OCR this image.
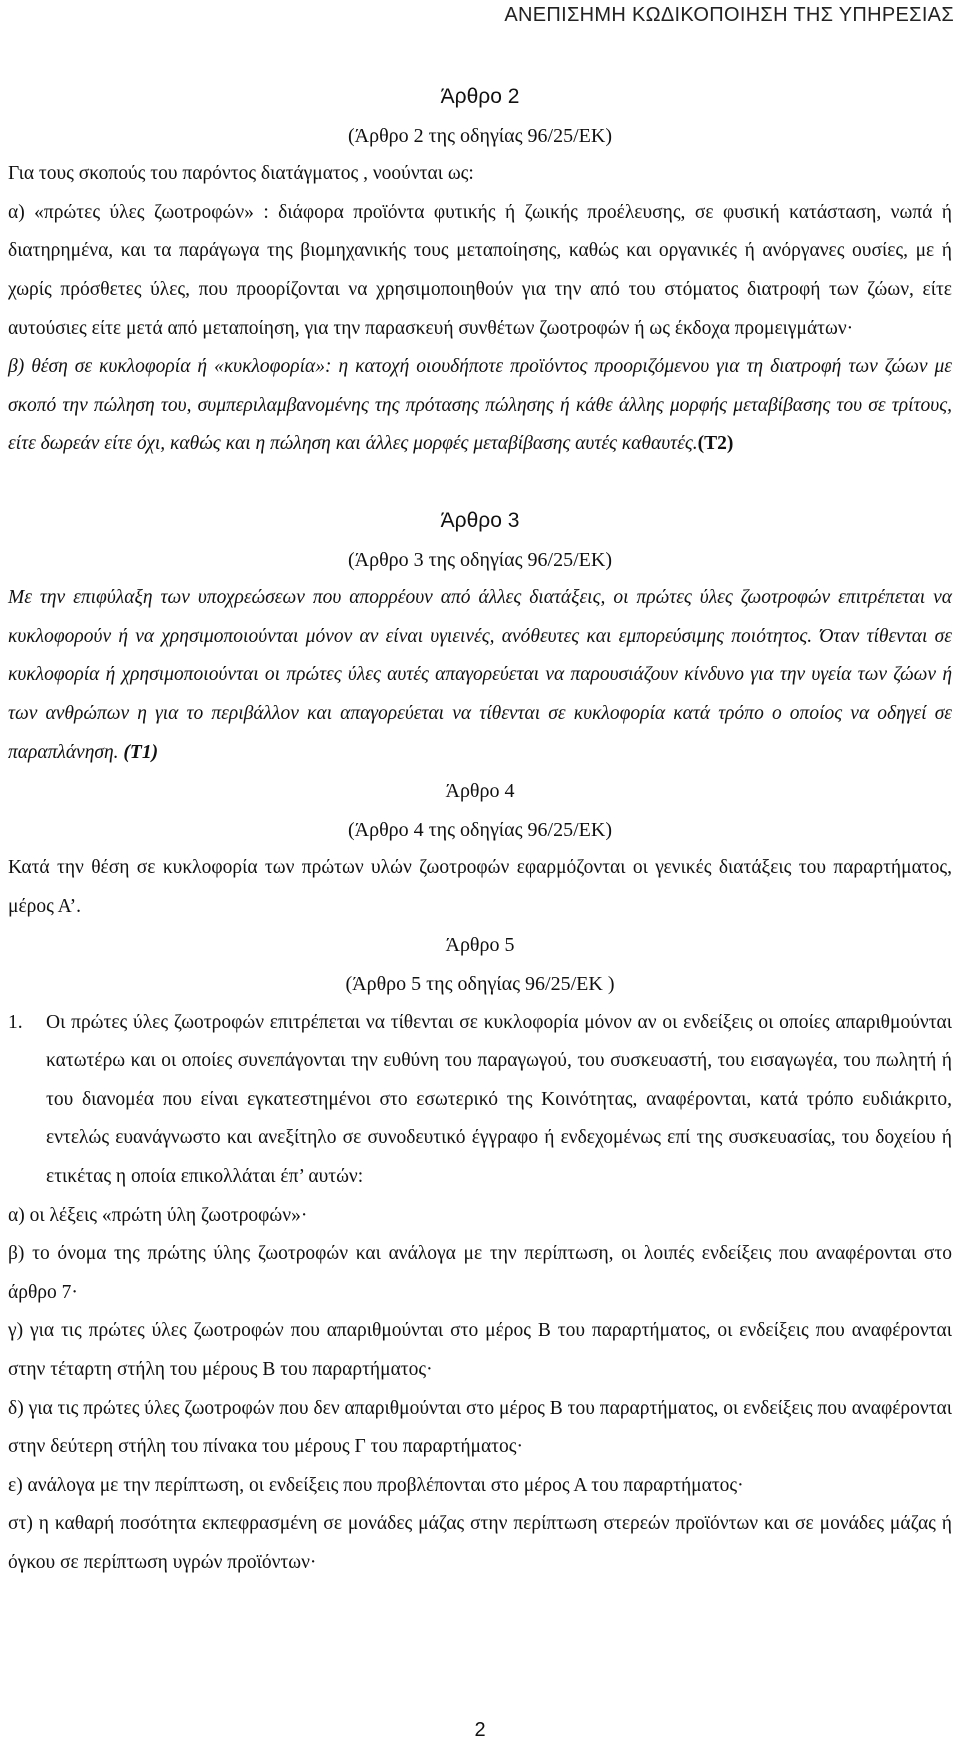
ΑΝΕΠΙΣΗΜΗ ΚΩΔΙΚΟΠΟΙΗΣΗ ΤΗΣ ΥΠΗΡΕΣΙΑΣ

Άρθρο 2

(Άρθρο 2 της οδηγίας 96/25/ΕΚ)

Για τους σκοπούς του παρόντος διατάγματος , νοούνται ως:

α) «πρώτες ύλες ζωοτροφών» : διάφορα προϊόντα φυτικής ή ζωικής προέλευσης, σε φυσική κατάσταση, νωπά ή διατηρημένα, και τα παράγωγα της βιομηχανικής τους μεταποίησης, καθώς και οργανικές ή ανόργανες ουσίες, με ή χωρίς πρόσθετες ύλες, που προορίζονται να χρησιμοποιηθούν για την από του στόματος διατροφή των ζώων, είτε αυτούσιες είτε μετά από μεταποίηση, για την παρασκευή συνθέτων ζωοτροφών ή ως έκδοχα προμειγμάτων·

β) θέση σε κυκλοφορία ή «κυκλοφορία»: η κατοχή οιουδήποτε προϊόντος προοριζόμενου για τη διατροφή των ζώων με σκοπό την πώληση του, συμπεριλαμβανομένης της πρότασης πώλησης ή κάθε άλλης μορφής μεταβίβασης του σε τρίτους, είτε δωρεάν είτε όχι, καθώς και η πώληση και άλλες μορφές μεταβίβασης αυτές καθαυτές.(Τ2)

Άρθρο 3

(Άρθρο 3 της οδηγίας 96/25/ΕΚ)

Με την επιφύλαξη των υποχρεώσεων που απορρέουν από άλλες διατάξεις, οι πρώτες ύλες ζωοτροφών επιτρέπεται να κυκλοφορούν ή να χρησιμοποιούνται μόνον αν είναι υγιεινές, ανόθευτες και εμπορεύσιμης ποιότητος. Όταν τίθενται σε κυκλοφορία ή χρησιμοποιούνται οι πρώτες ύλες αυτές απαγορεύεται να παρουσιάζουν κίνδυνο για την υγεία των ζώων ή των ανθρώπων η για το περιβάλλον και απαγορεύεται να τίθενται σε κυκλοφορία κατά τρόπο ο οποίος να οδηγεί σε παραπλάνηση. (Τ1)

Άρθρο 4

(Άρθρο 4 της οδηγίας 96/25/ΕΚ)

Κατά την θέση σε κυκλοφορία των πρώτων υλών ζωοτροφών εφαρμόζονται οι γενικές διατάξεις του παραρτήματος, μέρος Α’.

Άρθρο 5

(Άρθρο 5 της οδηγίας 96/25/ΕΚ )

1.	Οι πρώτες ύλες ζωοτροφών επιτρέπεται να τίθενται σε κυκλοφορία μόνον αν οι ενδείξεις οι οποίες απαριθμούνται κατωτέρω και οι οποίες συνεπάγονται την ευθύνη του παραγωγού, του συσκευαστή, του εισαγωγέα, του πωλητή ή του διανομέα που είναι εγκατεστημένοι στο εσωτερικό της Κοινότητας, αναφέρονται, κατά τρόπο ευδιάκριτο, εντελώς ευανάγνωστο και ανεξίτηλο σε συνοδευτικό έγγραφο ή ενδεχομένως επί της συσκευασίας, του δοχείου ή ετικέτας η οποία επικολλάται έπ’ αυτών:

α) οι λέξεις «πρώτη ύλη ζωοτροφών»·

β) το όνομα της πρώτης ύλης ζωοτροφών και ανάλογα με την περίπτωση, οι λοιπές ενδείξεις που αναφέρονται στο άρθρο 7·

γ) για τις πρώτες ύλες ζωοτροφών που απαριθμούνται στο μέρος Β του παραρτήματος, οι ενδείξεις που αναφέρονται στην τέταρτη στήλη του μέρους Β του παραρτήματος·

δ) για τις πρώτες ύλες ζωοτροφών που δεν απαριθμούνται στο μέρος Β του παραρτήματος, οι ενδείξεις που αναφέρονται στην δεύτερη στήλη του πίνακα του μέρους Γ του παραρτήματος·

ε) ανάλογα με την περίπτωση, οι ενδείξεις που προβλέπονται στο μέρος Α του παραρτήματος·

στ) η καθαρή ποσότητα εκπεφρασμένη σε μονάδες μάζας στην περίπτωση στερεών προϊόντων και σε μονάδες μάζας ή όγκου σε περίπτωση υγρών προϊόντων·

2
